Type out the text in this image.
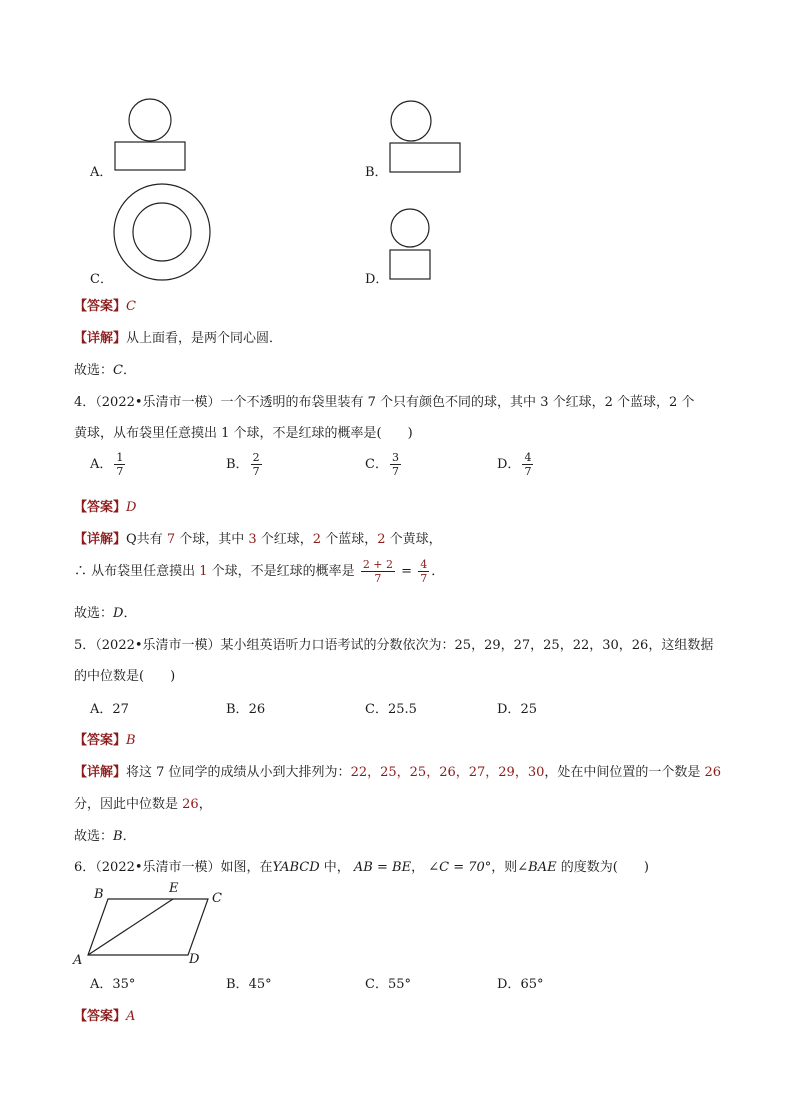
A．	B．
C．	D．
【答案】C
【详解】从上面看，是两个同心圆．
故选：C．
4．（2022•乐清市一模）一个不透明的布袋里装有 7 个只有颜色不同的球，其中 3 个红球，2 个蓝球，2 个
黄球，从布袋里任意摸出 1 个球，不是红球的概率是(　　)
A． $\frac{1}{7}$	B． $\frac{2}{7}$	C． $\frac{3}{7}$	D． $\frac{4}{7}$
【答案】D
【详解】Q共有 7 个球，其中 3 个红球，2 个蓝球，2 个黄球，
∴ 从布袋里任意摸出 1 个球，不是红球的概率是 $\frac{2 + 2}{7} = \frac{4}{7}$ ．
故选：D．
5．（2022•乐清市一模）某小组英语听力口语考试的分数依次为：25，29，27，25，22，30，26，这组数据
的中位数是(　　)
A．27	B．26	C．25.5	D．25
【答案】B
【详解】将这 7 位同学的成绩从小到大排列为：22，25，25，26，27，29，30，处在中间位置的一个数是 26
分，因此中位数是 26，
故选：B．
6．（2022•乐清市一模）如图，在YABCD 中， AB = BE， ∠C = 70°，则∠BAE 的度数为(　　)
B	E
C
A	D
A．35°	B．45°	C．55°	D．65°
【答案】A
